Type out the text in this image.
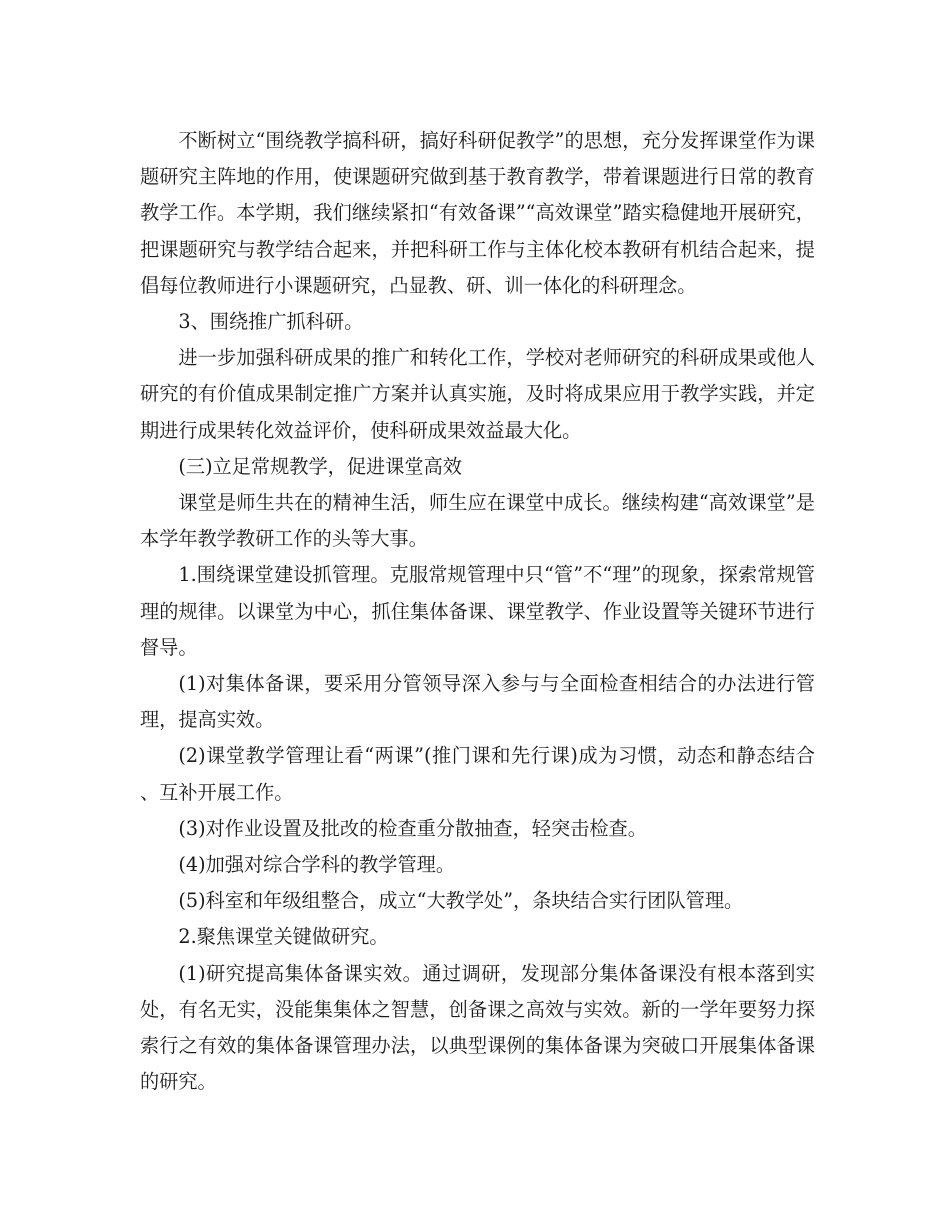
不断树立“围绕教学搞科研，搞好科研促教学”的思想，充分发挥课堂作为课题研究主阵地的作用，使课题研究做到基于教育教学，带着课题进行日常的教育教学工作。本学期，我们继续紧扣“有效备课”“高效课堂”踏实稳健地开展研究，把课题研究与教学结合起来，并把科研工作与主体化校本教研有机结合起来，提倡每位教师进行小课题研究，凸显教、研、训一体化的科研理念。

3、围绕推广抓科研。

进一步加强科研成果的推广和转化工作，学校对老师研究的科研成果或他人研究的有价值成果制定推广方案并认真实施，及时将成果应用于教学实践，并定期进行成果转化效益评价，使科研成果效益最大化。

(三)立足常规教学，促进课堂高效

课堂是师生共在的精神生活，师生应在课堂中成长。继续构建“高效课堂”是本学年教学教研工作的头等大事。

1.围绕课堂建设抓管理。克服常规管理中只“管”不“理”的现象，探索常规管理的规律。以课堂为中心，抓住集体备课、课堂教学、作业设置等关键环节进行督导。

(1)对集体备课，要采用分管领导深入参与与全面检查相结合的办法进行管理，提高实效。

(2)课堂教学管理让看“两课”(推门课和先行课)成为习惯，动态和静态结合、互补开展工作。

(3)对作业设置及批改的检查重分散抽查，轻突击检查。

(4)加强对综合学科的教学管理。

(5)科室和年级组整合，成立“大教学处”，条块结合实行团队管理。

2.聚焦课堂关键做研究。

(1)研究提高集体备课实效。通过调研，发现部分集体备课没有根本落到实处，有名无实，没能集集体之智慧，创备课之高效与实效。新的一学年要努力探索行之有效的集体备课管理办法，以典型课例的集体备课为突破口开展集体备课的研究。
